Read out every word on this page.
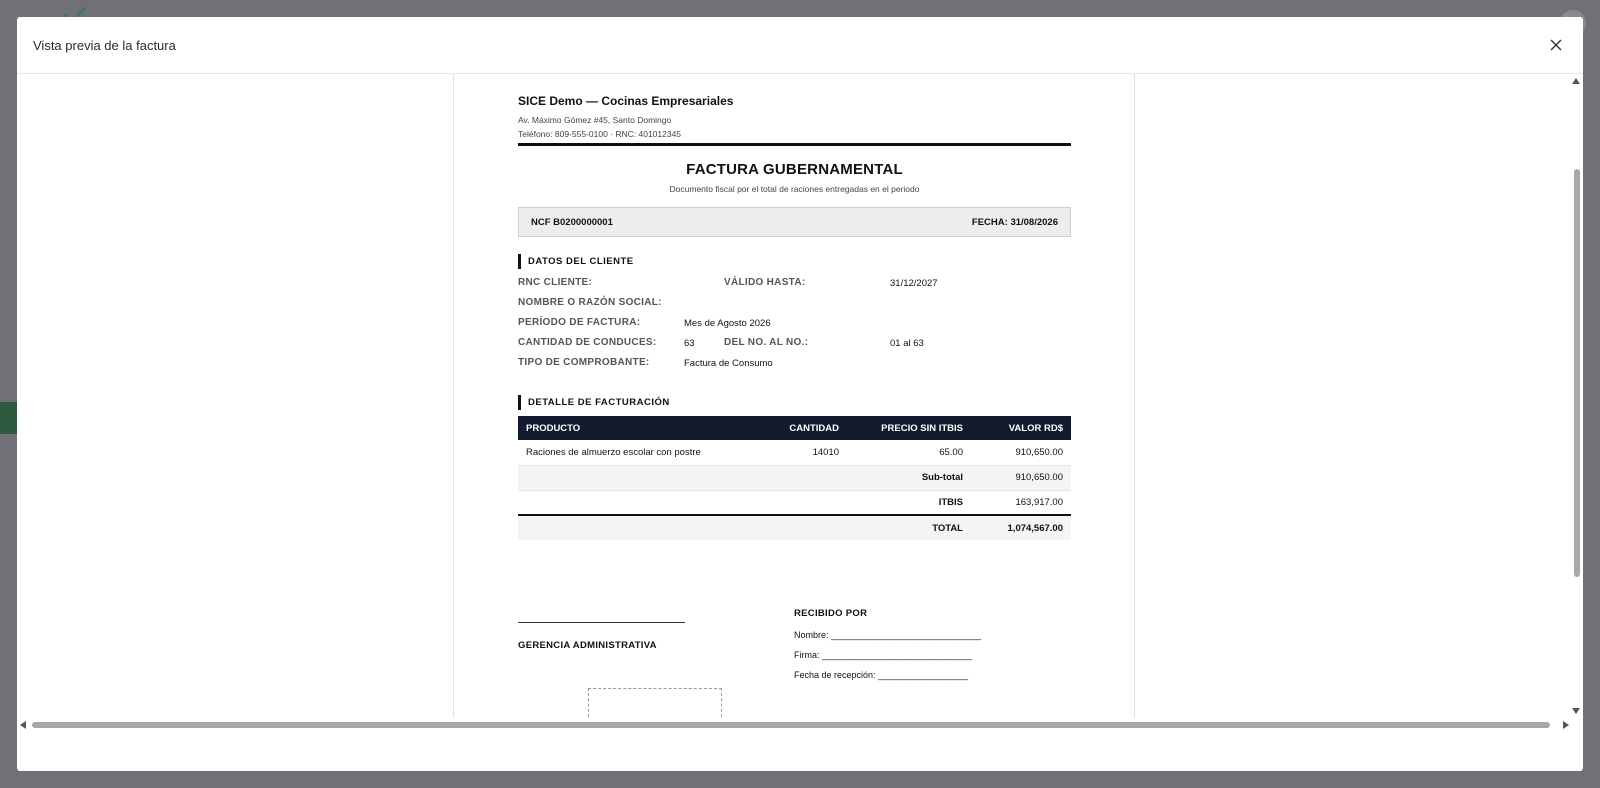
Vista previa de la factura
SICE Demo — Cocinas Empresariales
Av. Máximo Gómez #45, Santo Domingo
Teléfono: 809-555-0100 · RNC: 401012345
FACTURA GUBERNAMENTAL
Documento fiscal por el total de raciones entregadas en el periodo
NCF B0200000001	FECHA: 31/08/2026
DATOS DEL CLIENTE
RNC CLIENTE:	VÁLIDO HASTA:	31/12/2027
NOMBRE O RAZÓN SOCIAL:
PERÍODO DE FACTURA:	Mes de Agosto 2026
CANTIDAD DE CONDUCES:	63	DEL NO. AL NO.:	01 al 63
TIPO DE COMPROBANTE:	Factura de Consumo
DETALLE DE FACTURACIÓN
PRODUCTO	CANTIDAD	PRECIO SIN ITBIS	VALOR RD$
Raciones de almuerzo escolar con postre	14010	65.00	910,650.00
		Sub-total	910,650.00
		ITBIS	163,917.00
		TOTAL	1,074,567.00
GERENCIA ADMINISTRATIVA
RECIBIDO POR
Nombre: ______________________________
Firma: ______________________________
Fecha de recepción: __________________
